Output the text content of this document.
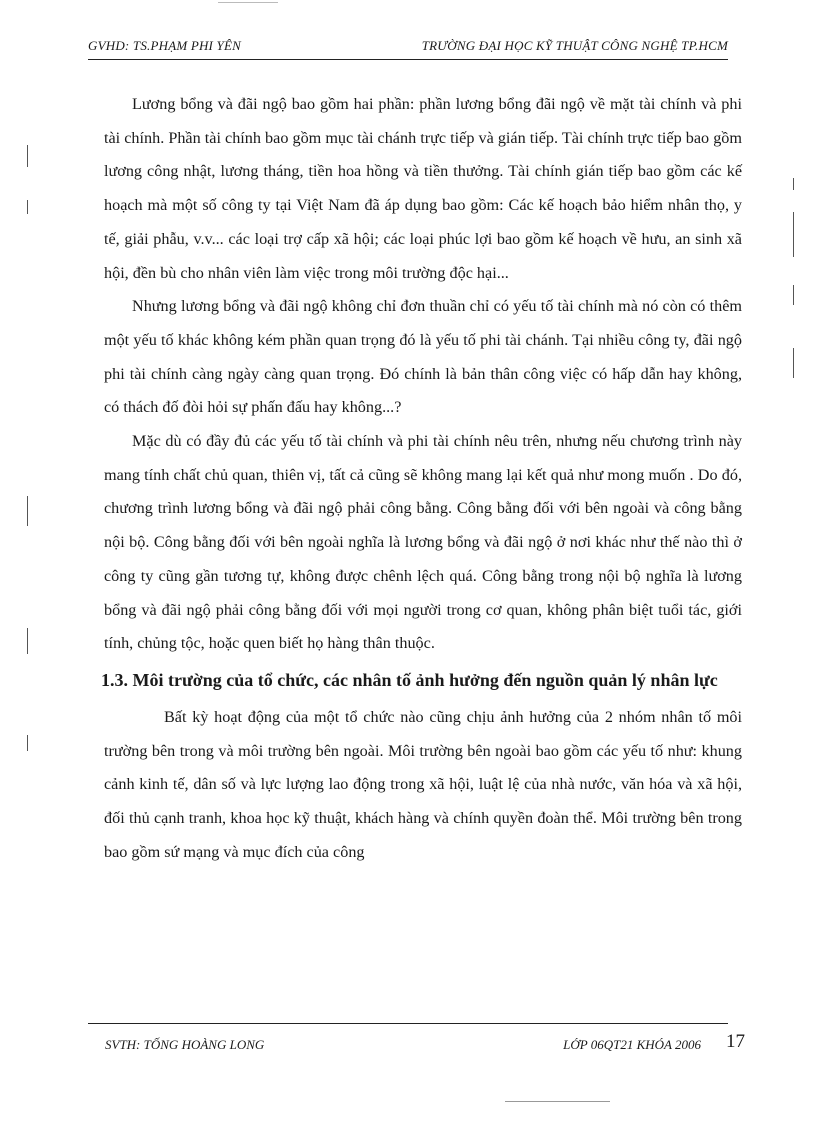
GVHD: TS.PHẠM PHI YÊN	TRƯỜNG ĐẠI HỌC KỸ THUẬT CÔNG NGHỆ TP.HCM

Lương bổng và đãi ngộ bao gồm hai phần: phần lương bổng đãi ngộ về mặt tài chính và phi tài chính. Phần tài chính bao gồm mục tài chánh trực tiếp và gián tiếp. Tài chính trực tiếp bao gồm lương công nhật, lương tháng, tiền hoa hồng và tiền thưởng. Tài chính gián tiếp bao gồm các kế hoạch mà một số công ty tại Việt Nam đã áp dụng bao gồm: Các kế hoạch bảo hiểm nhân thọ, y tế, giải phẫu, v.v... các loại trợ cấp xã hội; các loại phúc lợi bao gồm kế hoạch về hưu, an sinh xã hội, đền bù cho nhân viên làm việc trong môi trường độc hại...

Nhưng lương bổng và đãi ngộ không chỉ đơn thuần chỉ có yếu tố tài chính mà nó còn có thêm một yếu tố khác không kém phần quan trọng đó là yếu tố phi tài chánh. Tại nhiều công ty, đãi ngộ phi tài chính càng ngày càng quan trọng. Đó chính là bản thân công việc có hấp dẫn hay không, có thách đố đòi hỏi sự phấn đấu hay không...?

Mặc dù có đầy đủ các yếu tố tài chính và phi tài chính nêu trên, nhưng nếu chương trình này mang tính chất chủ quan, thiên vị, tất cả cũng sẽ không mang lại kết quả như mong muốn . Do đó, chương trình lương bổng và đãi ngộ phải công bằng. Công bằng đối với bên ngoài và công bằng nội bộ. Công bằng đối với bên ngoài nghĩa là lương bổng và đãi ngộ ở nơi khác như thế nào thì ở công ty cũng gần tương tự, không được chênh lệch quá. Công bằng trong nội bộ nghĩa là lương bổng và đãi ngộ phải công bằng đối với mọi người trong cơ quan, không phân biệt tuổi tác, giới tính, chủng tộc, hoặc quen biết họ hàng thân thuộc.

1.3. Môi trường của tổ chức, các nhân tố ảnh hưởng đến nguồn quản lý nhân lực

Bất kỳ hoạt động của một tổ chức nào cũng chịu ảnh hưởng của 2 nhóm nhân tố môi trường bên trong và môi trường bên ngoài. Môi trường bên ngoài bao gồm các yếu tố như: khung cảnh kinh tế, dân số và lực lượng lao động trong xã hội, luật lệ của nhà nước, văn hóa và xã hội, đối thủ cạnh tranh, khoa học kỹ thuật, khách hàng và chính quyền đoàn thể. Môi trường bên trong bao gồm sứ mạng và mục đích của công

SVTH: TỐNG HOÀNG LONG	LỚP 06QT21 KHÓA 2006 17
